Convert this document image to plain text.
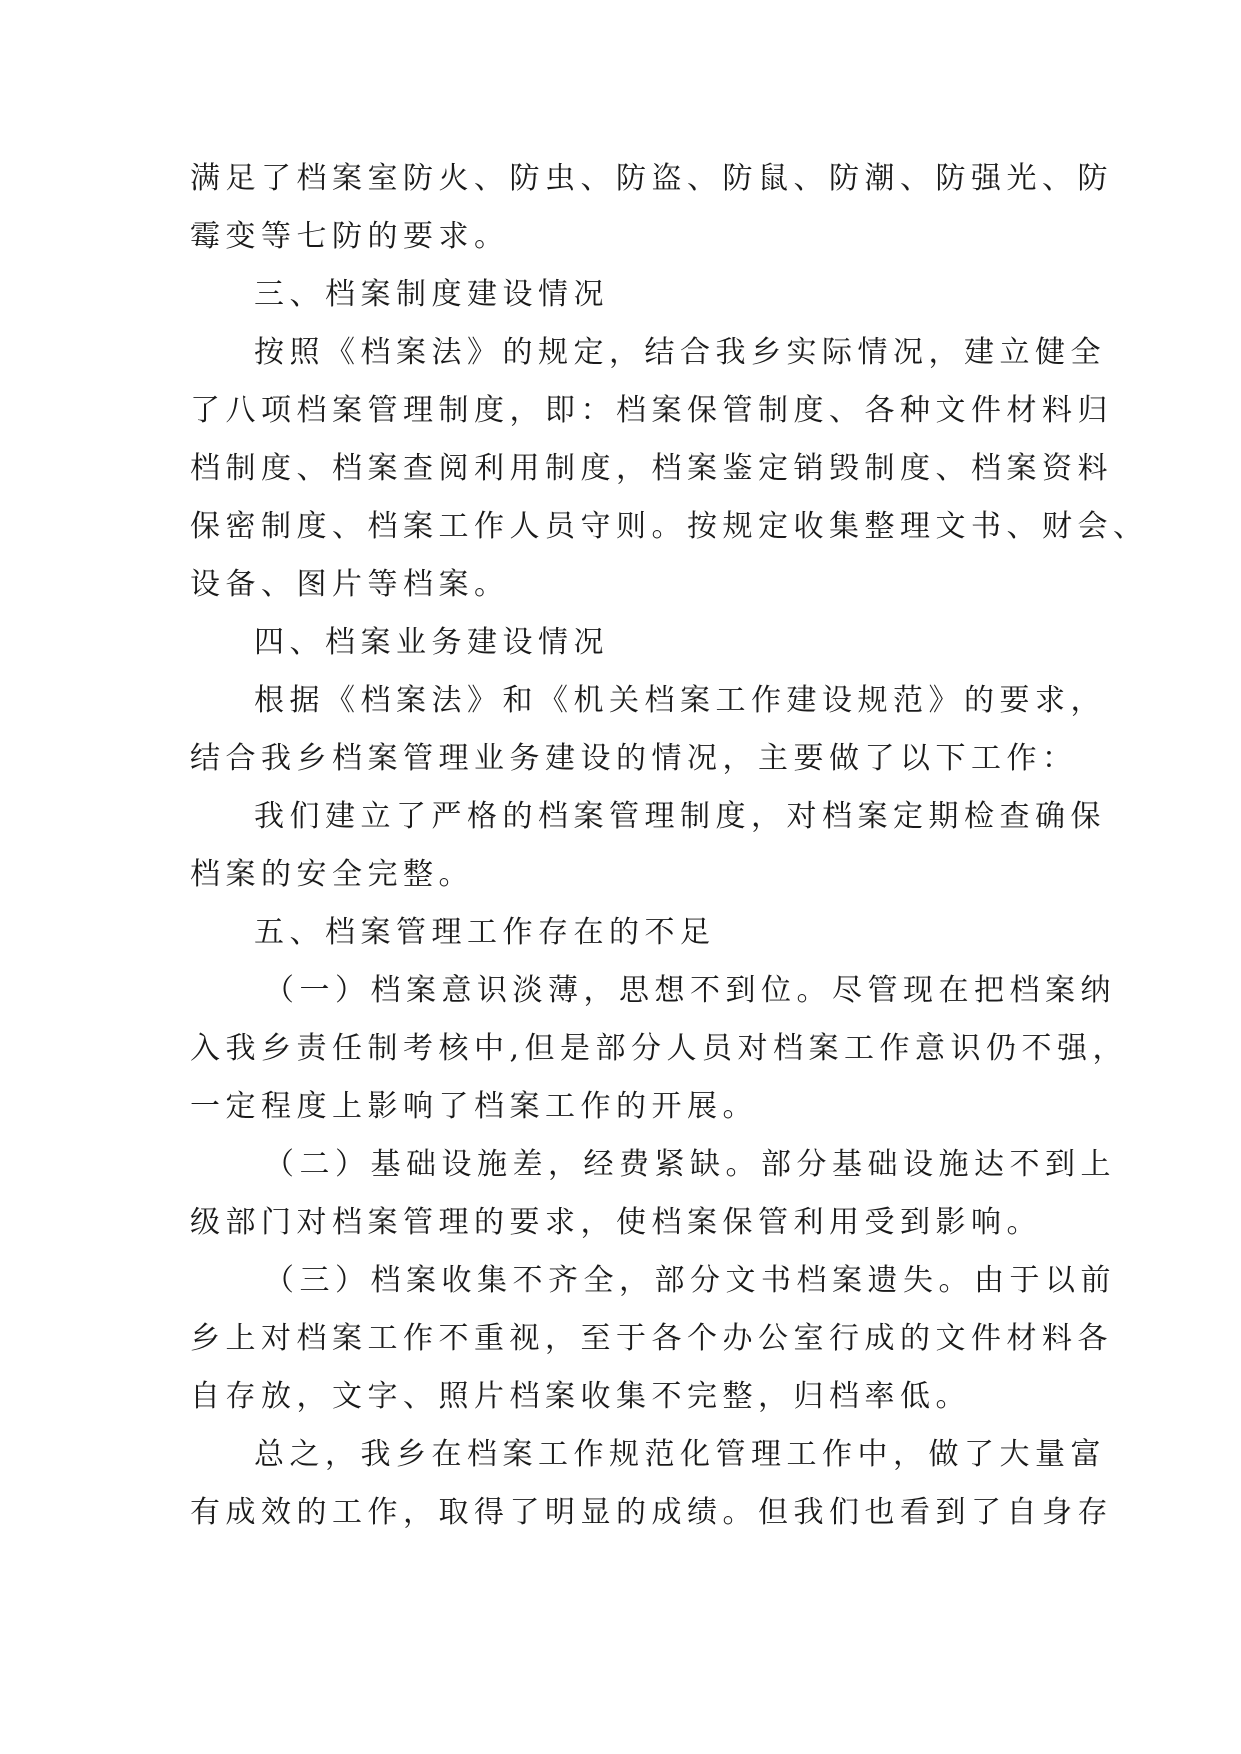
满足了档案室防火、防虫、防盗、防鼠、防潮、防强光、防
霉变等七防的要求。
三、档案制度建设情况
按照《档案法》的规定，结合我乡实际情况，建立健全
了八项档案管理制度，即：档案保管制度、各种文件材料归
档制度、档案查阅利用制度，档案鉴定销毁制度、档案资料
保密制度、档案工作人员守则。按规定收集整理文书、财会、
设备、图片等档案。
四、档案业务建设情况
根据《档案法》和《机关档案工作建设规范》的要求，
结合我乡档案管理业务建设的情况，主要做了以下工作：
我们建立了严格的档案管理制度，对档案定期检查确保
档案的安全完整。
五、档案管理工作存在的不足
（一）档案意识淡薄，思想不到位。尽管现在把档案纳
入我乡责任制考核中,但是部分人员对档案工作意识仍不强，
一定程度上影响了档案工作的开展。
（二）基础设施差，经费紧缺。部分基础设施达不到上
级部门对档案管理的要求，使档案保管利用受到影响。
（三）档案收集不齐全，部分文书档案遗失。由于以前
乡上对档案工作不重视，至于各个办公室行成的文件材料各
自存放，文字、照片档案收集不完整，归档率低。
总之，我乡在档案工作规范化管理工作中，做了大量富
有成效的工作，取得了明显的成绩。但我们也看到了自身存
